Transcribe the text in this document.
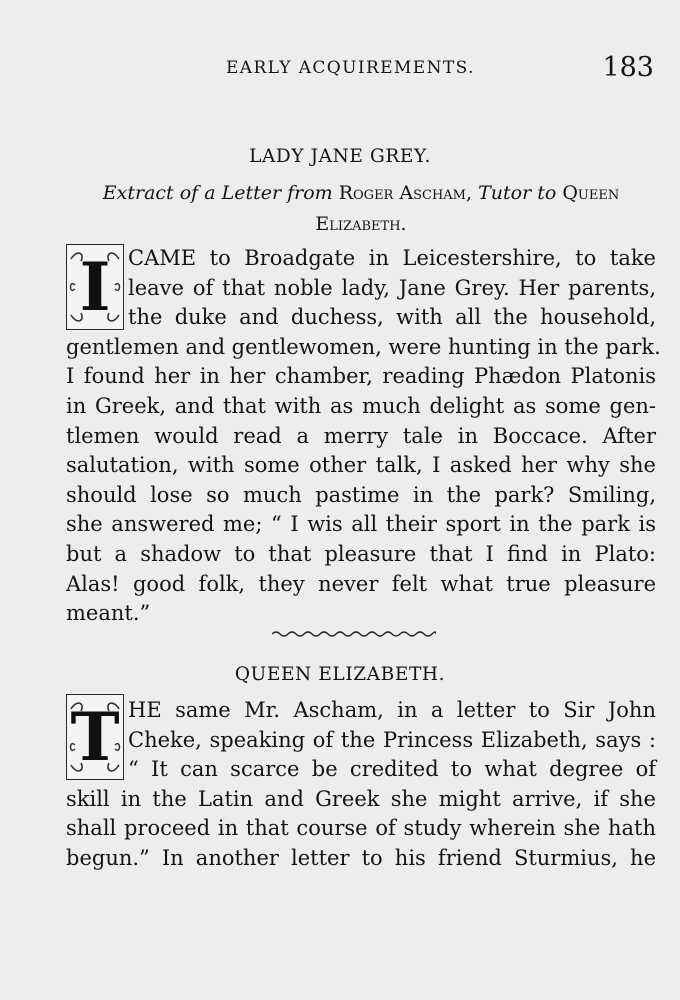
EARLY ACQUIREMENTS.	183
LADY JANE GREY.
Extract of a Letter from Roger Ascham, Tutor to Queen
Elizabeth.
I CAME to Broadgate in Leicestershire, to take
leave of that noble lady, Jane Grey. Her parents,
the duke and duchess, with all the household,
gentlemen and gentlewomen, were hunting in the park.
I found her in her chamber, reading Phædon Platonis
in Greek, and that with as much delight as some gen-
tlemen would read a merry tale in Boccace. After
salutation, with some other talk, I asked her why she
should lose so much pastime in the park? Smiling,
she answered me; “ I wis all their sport in the park is
but a shadow to that pleasure that I find in Plato:
Alas! good folk, they never felt what true pleasure
meant.”
QUEEN ELIZABETH.
T HE same Mr. Ascham, in a letter to Sir John
Cheke, speaking of the Princess Elizabeth, says :
“ It can scarce be credited to what degree of
skill in the Latin and Greek she might arrive, if she
shall proceed in that course of study wherein she hath
begun.” In another letter to his friend Sturmius, he
